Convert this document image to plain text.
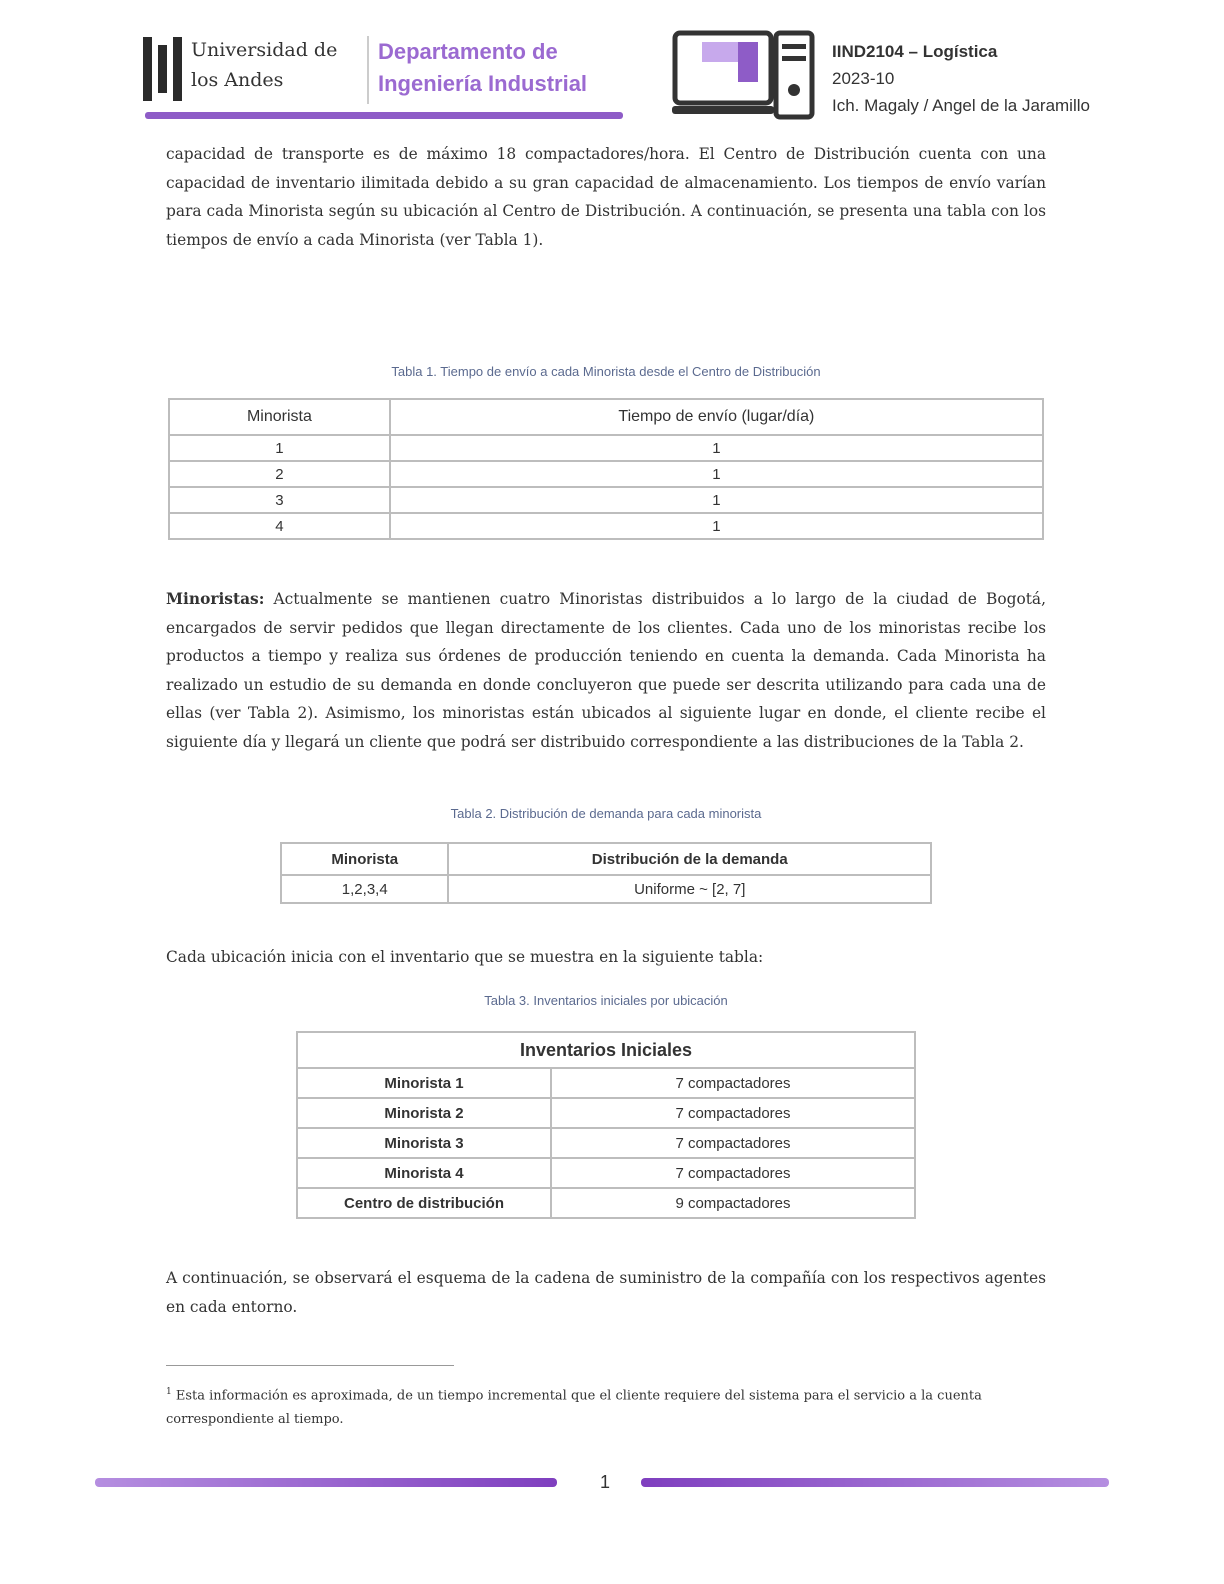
Universidad de
los Andes
Departamento de
Ingeniería Industrial
IIND2104 – Logística
2023-10
Ich. Magaly / Angel de la Jaramillo

capacidad de transporte es de máximo 18 compactadores/hora. El Centro de Distribución cuenta con una capacidad de inventario ilimitada debido a su gran capacidad de almacenamiento. Los tiempos de envío varían para cada Minorista según su ubicación al Centro de Distribución. A continuación, se presenta una tabla con los tiempos de envío a cada Minorista (ver Tabla 1).

Tabla 1. Tiempo de envío a cada Minorista desde el Centro de Distribución

Minorista	Tiempo de envío (lugar/día)
1	1
2	1
3	1
4	1

Minoristas: Actualmente se mantienen cuatro Minoristas distribuidos a lo largo de la ciudad de Bogotá, encargados de servir pedidos que llegan directamente de los clientes. Cada uno de los minoristas recibe los productos a tiempo y realiza sus órdenes de producción teniendo en cuenta la demanda. Cada Minorista ha realizado un estudio de su demanda en donde concluyeron que puede ser descrita utilizando para cada una de ellas (ver Tabla 2). Asimismo, los minoristas están ubicados al siguiente lugar en donde, el cliente recibe el siguiente día y llegará un cliente que podrá ser distribuido correspondiente a las distribuciones de la Tabla 2.

Tabla 2. Distribución de demanda para cada minorista

Minorista	Distribución de la demanda
1,2,3,4	Uniforme ~ [2, 7]

Cada ubicación inicia con el inventario que se muestra en la siguiente tabla:

Tabla 3. Inventarios iniciales por ubicación

Inventarios Iniciales	
Minorista 1	7 compactadores
Minorista 2	7 compactadores
Minorista 3	7 compactadores
Minorista 4	7 compactadores
Centro de distribución	9 compactadores

A continuación, se observará el esquema de la cadena de suministro de la compañía con los respectivos agentes en cada entorno.

$^1$ Esta información es aproximada, de un tiempo incremental que el cliente requiere del sistema para el servicio a la cuenta correspondiente al tiempo.

1
